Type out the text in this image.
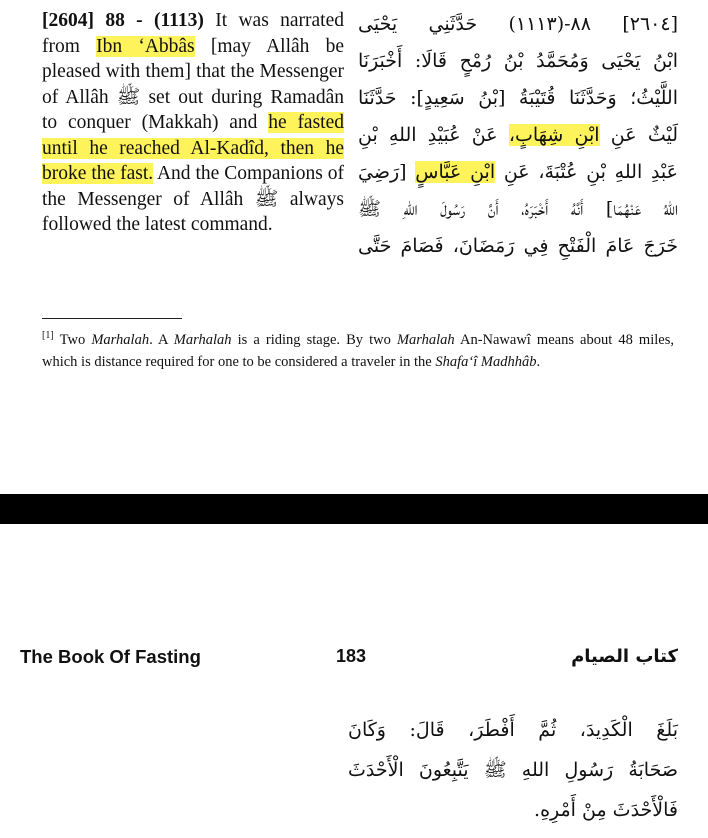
[2604] 88 - (1113) It was narrated from Ibn ‘Abbâs [may Allâh be pleased with them] that the Messenger of Allâh ﷺ set out during Ramadân to conquer (Makkah) and he fasted until he reached Al-Kadîd, then he broke the fast. And the Companions of the Messenger of Allâh ﷺ always followed the latest command.
[٢٦٠٤] ٨٨-(١١١٣) حَدَّثَنِي يَحْيَى
ابْنُ يَحْيَى وَمُحَمَّدُ بْنُ رُمْحٍ قَالَا: أَخْبَرَنَا
اللَّيْثُ؛ وَحَدَّثَنَا قُتَيْبَةُ [بْنُ سَعِيدٍ]: حَدَّثَنَا
لَيْثٌ عَنِ ابْنِ شِهَابٍ، عَنْ عُبَيْدِ اللهِ بْنِ
عَبْدِ اللهِ بْنِ عُتْبَةَ، عَنِ ابْنِ عَبَّاسٍ [رَضِيَ
اللهُ عَنْهُمَا] أَنَّهُ أَخْبَرَهُ، أَنَّ رَسُولَ اللهِ ﷺ
خَرَجَ عَامَ الْفَتْحِ فِي رَمَضَانَ، فَصَامَ حَتَّى
[1] Two Marhalah. A Marhalah is a riding stage. By two Marhalah An-Nawawî means about 48 miles, which is distance required for one to be considered a traveler in the Shafa‘î Madhhâb.
The Book Of Fasting	183	كتاب الصيام
بَلَغَ الْكَدِيدَ، ثُمَّ أَفْطَرَ، قَالَ: وَكَانَ
صَحَابَةُ رَسُولِ اللهِ ﷺ يَتَّبِعُونَ الْأَحْدَثَ
فَالْأَحْدَثَ مِنْ أَمْرِهِ.
